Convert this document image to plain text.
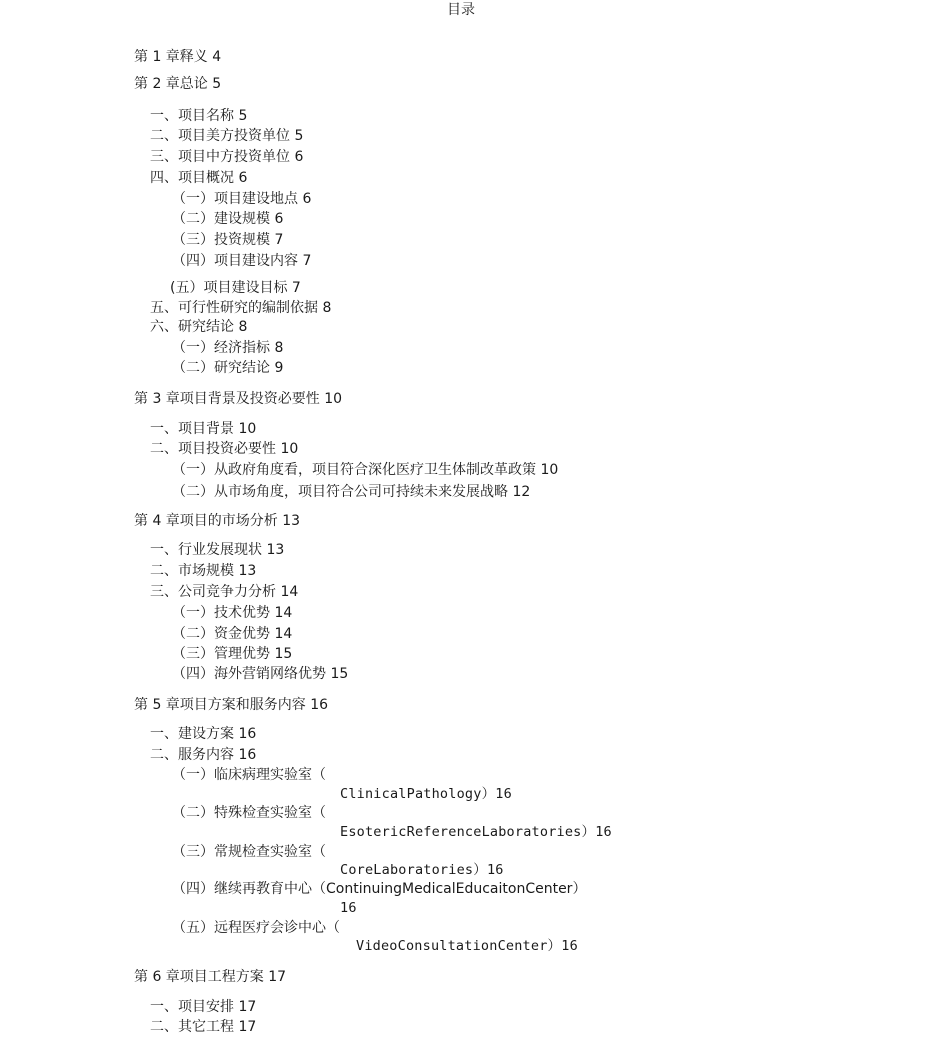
目录
第 1 章释义 4
第 2 章总论 5
一、项目名称 5
二、项目美方投资单位 5
三、项目中方投资单位 6
四、项目概况 6
（一）项目建设地点 6
（二）建设规模 6
（三）投资规模 7
（四）项目建设内容 7
(五）项目建设目标 7
五、可行性研究的编制依据 8
六、研究结论 8
（一）经济指标 8
（二）研究结论 9
第 3 章项目背景及投资必要性 10
一、项目背景 10
二、项目投资必要性 10
（一）从政府角度看，项目符合深化医疗卫生体制改革政策 10
（二）从市场角度，项目符合公司可持续未来发展战略 12
第 4 章项目的市场分析 13
一、行业发展现状 13
二、市场规模 13
三、公司竞争力分析 14
（一）技术优势 14
（二）资金优势 14
（三）管理优势 15
（四）海外营销网络优势 15
第 5 章项目方案和服务内容 16
一、建设方案 16
二、服务内容 16
（一）临床病理实验室（
ClinicalPathology）16
（二）特殊检查实验室（
EsotericReferenceLaboratories）16
（三）常规检查实验室（
CoreLaboratories）16
（四）继续再教育中心（ContinuingMedicalEducaitonCenter）
16
（五）远程医疗会诊中心（
VideoConsultationCenter）16
第 6 章项目工程方案 17
一、项目安排 17
二、其它工程 17
